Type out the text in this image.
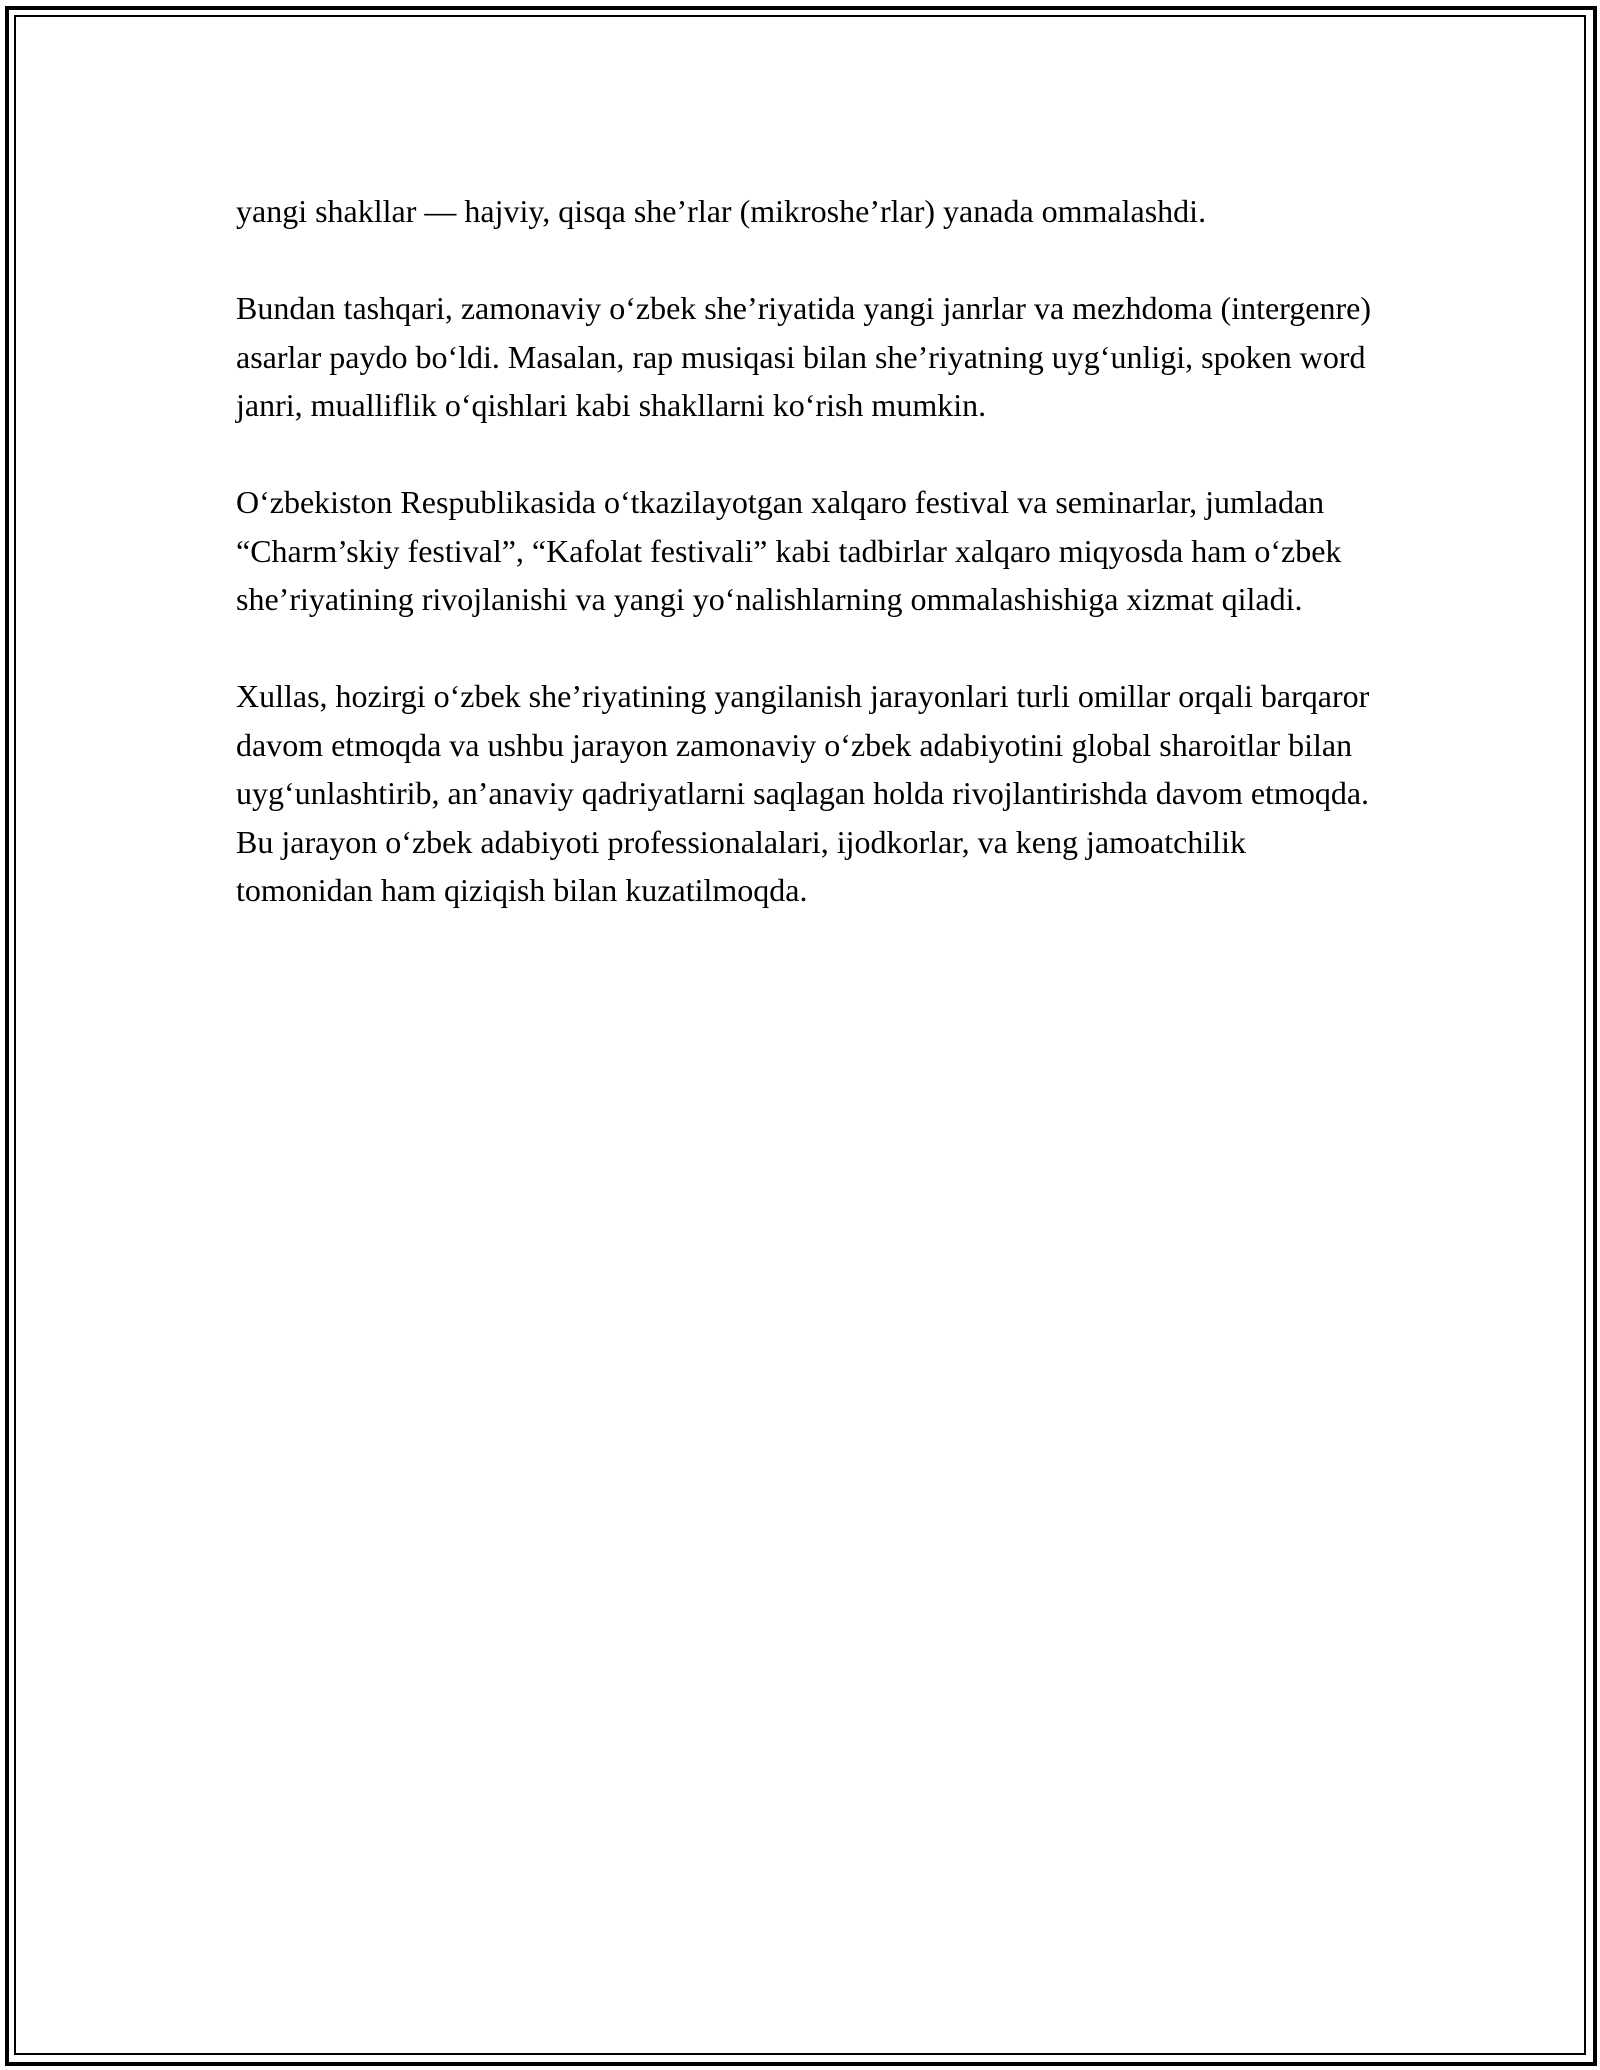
yangi shakllar — hajviy, qisqa she’rlar (mikroshe’rlar) yanada ommalashdi.

Bundan tashqari, zamonaviy o‘zbek she’riyatida yangi janrlar va mezhdoma (intergenre) asarlar paydo bo‘ldi. Masalan, rap musiqasi bilan she’riyatning uyg‘unligi, spoken word janri, mualliflik o‘qishlari kabi shakllarni ko‘rish mumkin.

O‘zbekiston Respublikasida o‘tkazilayotgan xalqaro festival va seminarlar, jumladan “Charm’skiy festival”, “Kafolat festivali” kabi tadbirlar xalqaro miqyosda ham o‘zbek she’riyatining rivojlanishi va yangi yo‘nalishlarning ommalashishiga xizmat qiladi.

Xullas, hozirgi o‘zbek she’riyatining yangilanish jarayonlari turli omillar orqali barqaror davom etmoqda va ushbu jarayon zamonaviy o‘zbek adabiyotini global sharoitlar bilan uyg‘unlashtirib, an’anaviy qadriyatlarni saqlagan holda rivojlantirishda davom etmoqda. Bu jarayon o‘zbek adabiyoti professionalalari, ijodkorlar, va keng jamoatchilik tomonidan ham qiziqish bilan kuzatilmoqda.
